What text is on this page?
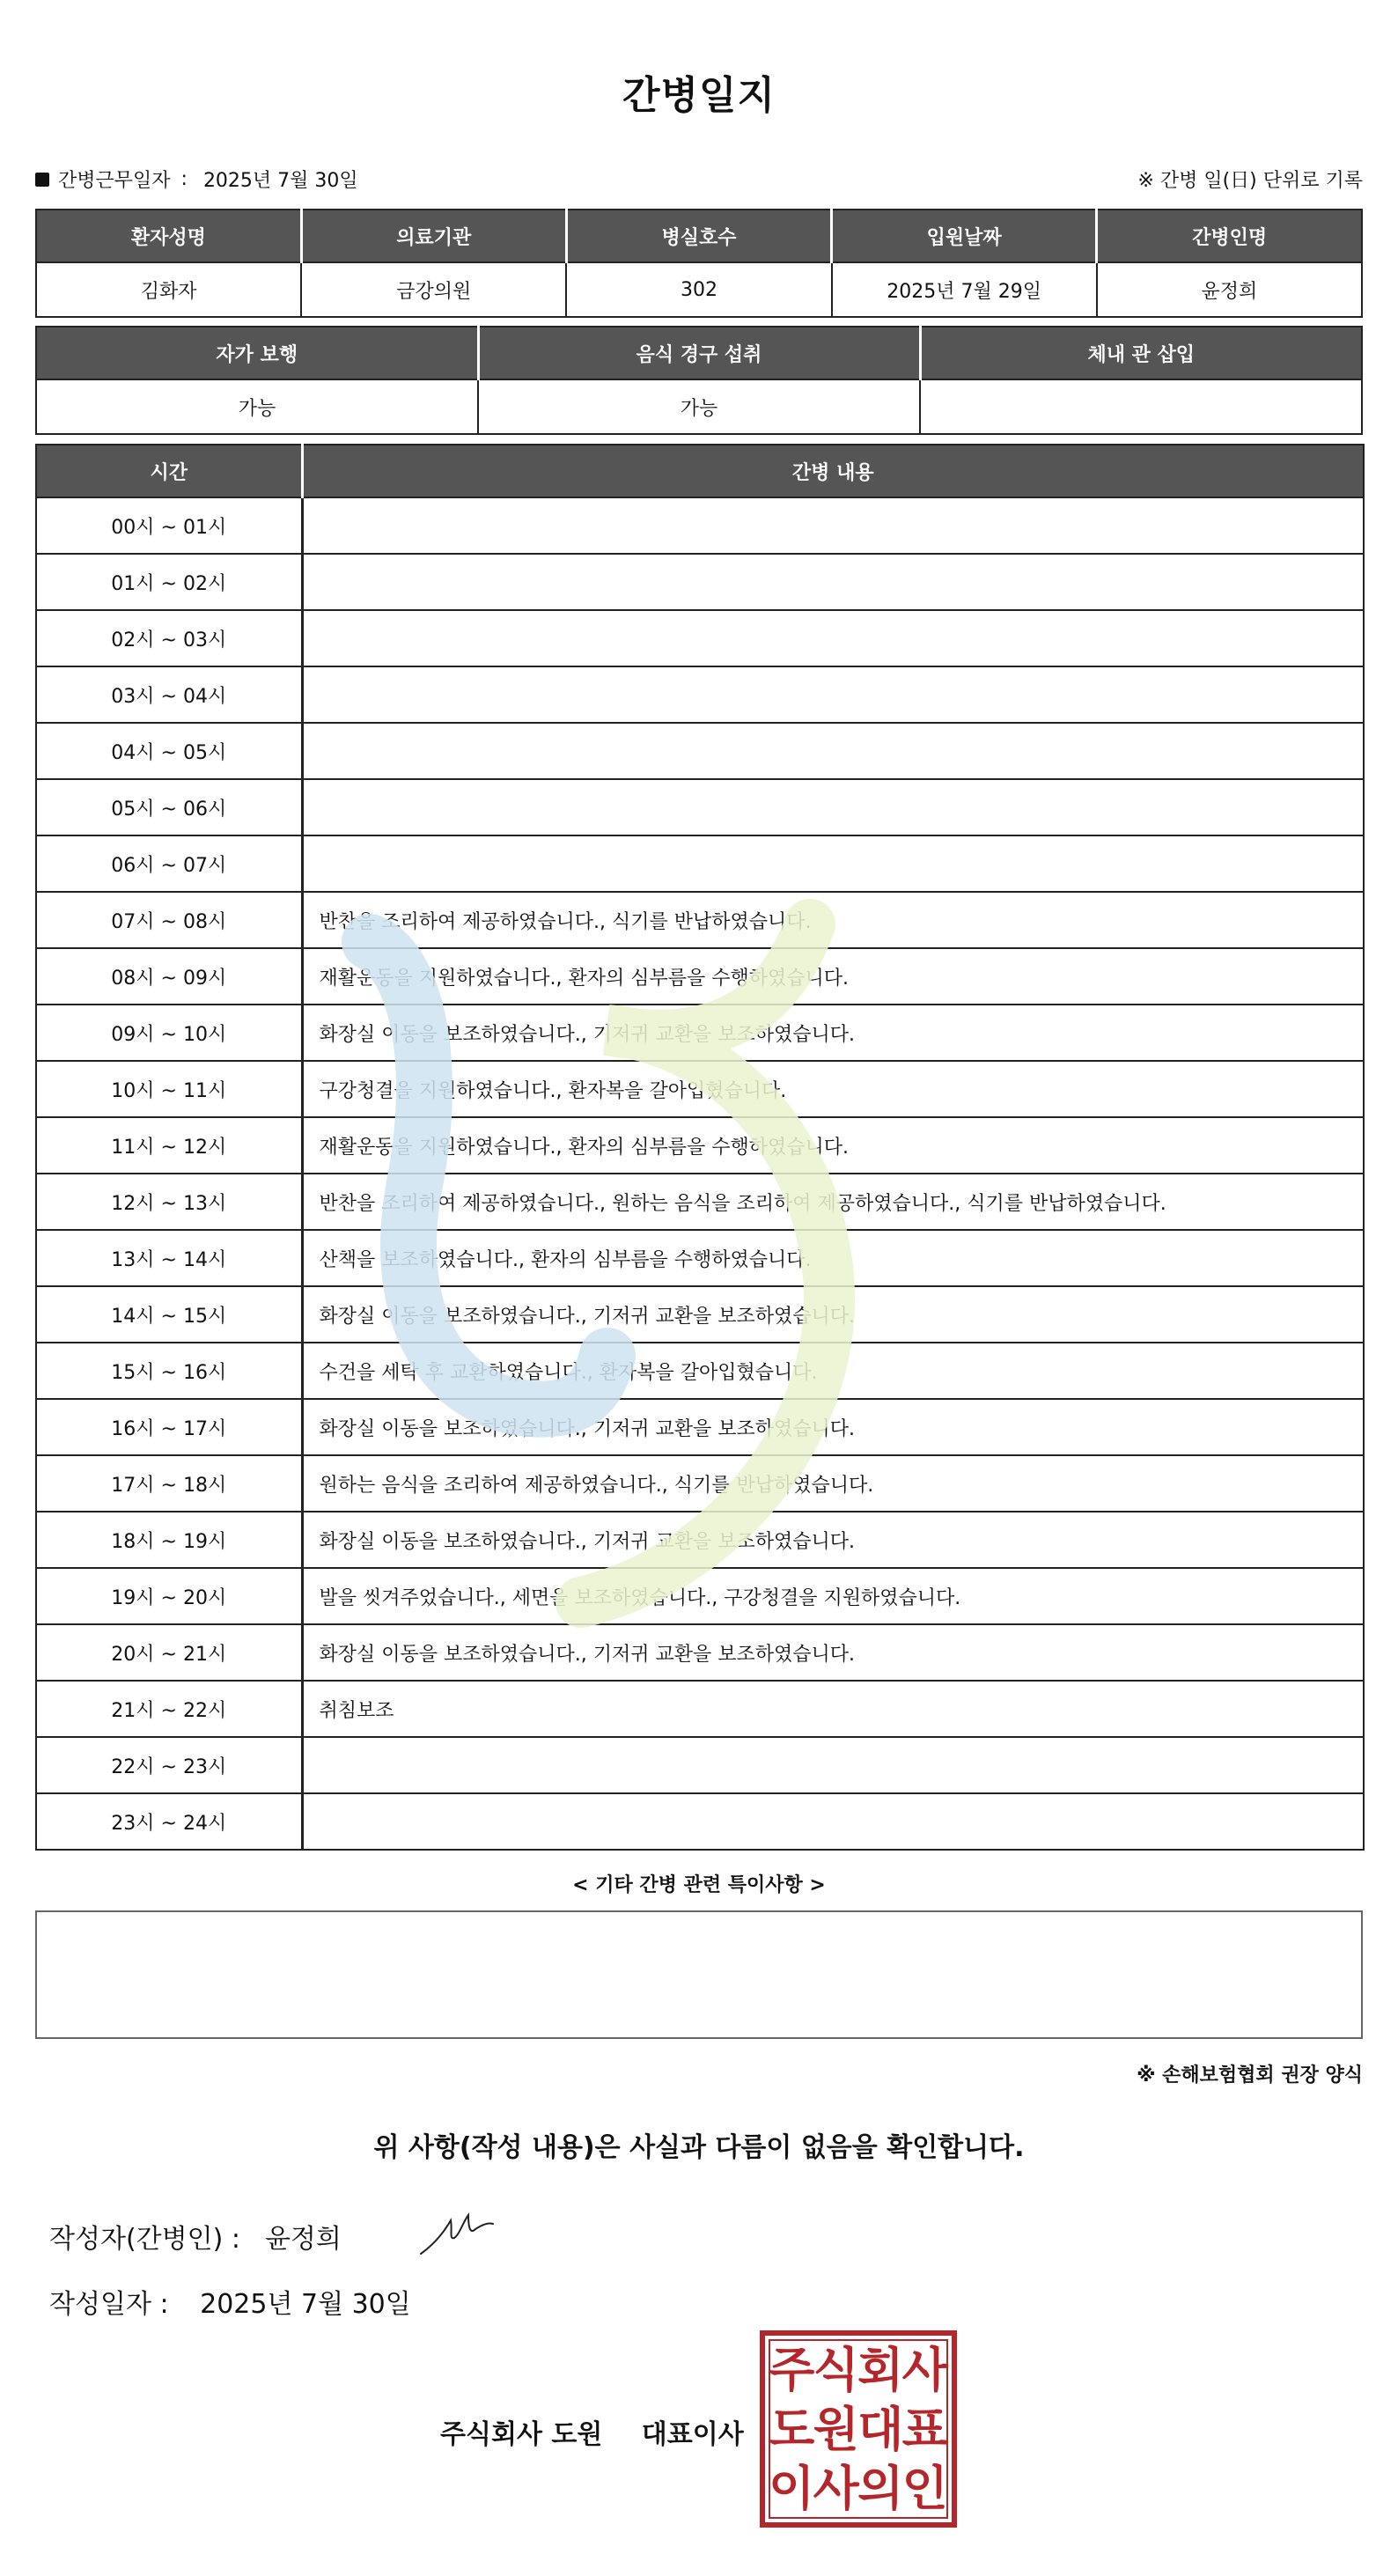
간병일지
간병근무일자 : 2025년 7월 30일	※ 간병 일(日) 단위로 기록
환자성명	의료기관	병실호수	입원날짜	간병인명
김화자	금강의원	302	2025년 7월 29일	윤정희
자가 보행	음식 경구 섭취	체내 관 삽입
가능	가능	
시간	간병 내용
00시 ~ 01시	
01시 ~ 02시	
02시 ~ 03시	
03시 ~ 04시	
04시 ~ 05시	
05시 ~ 06시	
06시 ~ 07시	
07시 ~ 08시	반찬을 조리하여 제공하였습니다., 식기를 반납하였습니다.
08시 ~ 09시	재활운동을 지원하였습니다., 환자의 심부름을 수행하였습니다.
09시 ~ 10시	화장실 이동을 보조하였습니다., 기저귀 교환을 보조하였습니다.
10시 ~ 11시	구강청결을 지원하였습니다., 환자복을 갈아입혔습니다.
11시 ~ 12시	재활운동을 지원하였습니다., 환자의 심부름을 수행하였습니다.
12시 ~ 13시	반찬을 조리하여 제공하였습니다., 원하는 음식을 조리하여 제공하였습니다., 식기를 반납하였습니다.
13시 ~ 14시	산책을 보조하였습니다., 환자의 심부름을 수행하였습니다.
14시 ~ 15시	화장실 이동을 보조하였습니다., 기저귀 교환을 보조하였습니다.
15시 ~ 16시	수건을 세탁 후 교환하였습니다., 환자복을 갈아입혔습니다.
16시 ~ 17시	화장실 이동을 보조하였습니다., 기저귀 교환을 보조하였습니다.
17시 ~ 18시	원하는 음식을 조리하여 제공하였습니다., 식기를 반납하였습니다.
18시 ~ 19시	화장실 이동을 보조하였습니다., 기저귀 교환을 보조하였습니다.
19시 ~ 20시	발을 씻겨주었습니다., 세면을 보조하였습니다., 구강청결을 지원하였습니다.
20시 ~ 21시	화장실 이동을 보조하였습니다., 기저귀 교환을 보조하였습니다.
21시 ~ 22시	취침보조
22시 ~ 23시	
23시 ~ 24시	
< 기타 간병 관련 특이사항 >
※ 손해보험협회 권장 양식
위 사항(작성 내용)은 사실과 다름이 없음을 확인합니다.
작성자(간병인) : 윤정희
작성일자 : 2025년 7월 30일
주식회사 도원 대표이사
주
식
회
사
도
원
대
표
이
사
의
인
